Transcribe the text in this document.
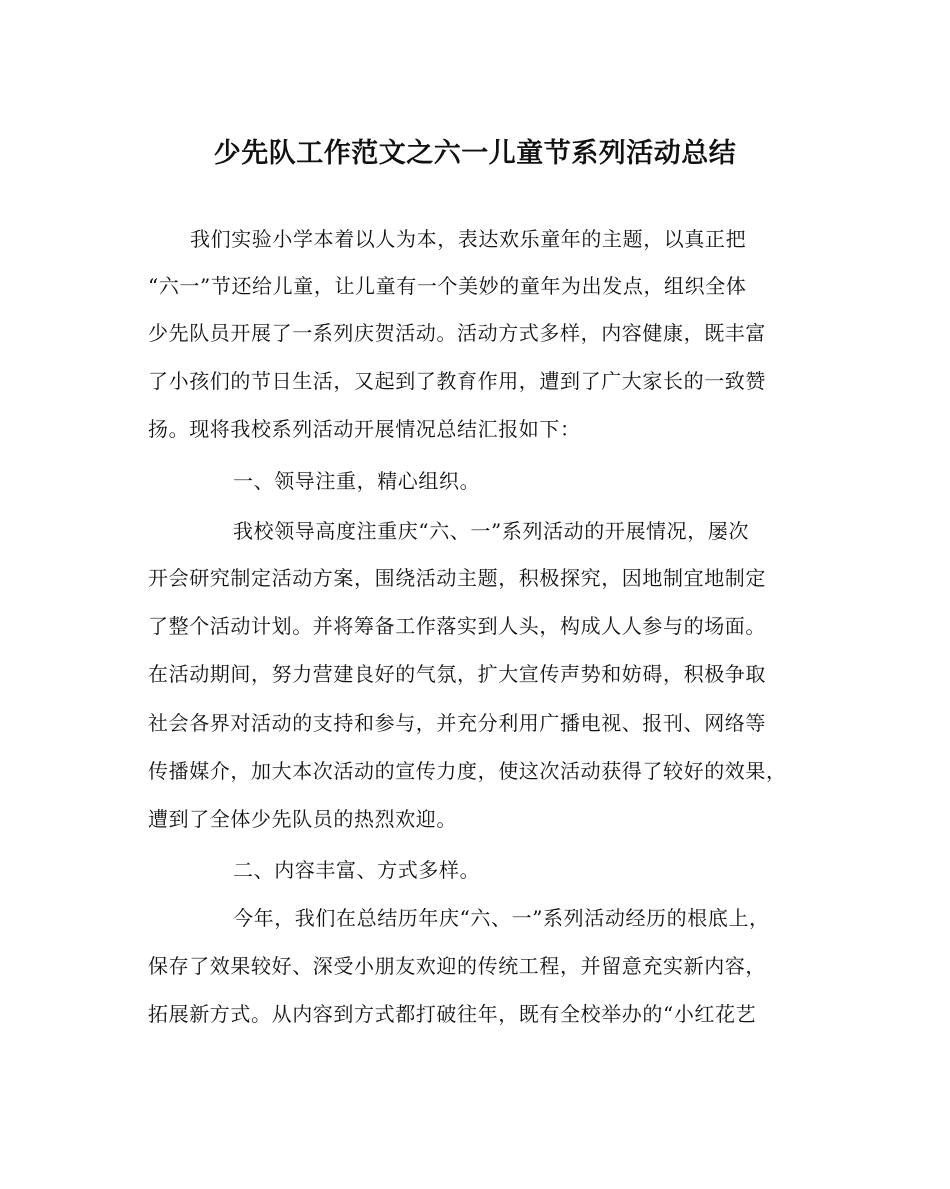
少先队工作范文之六一儿童节系列活动总结
我们实验小学本着以人为本，表达欢乐童年的主题，以真正把
“六一”节还给儿童，让儿童有一个美妙的童年为出发点，组织全体
少先队员开展了一系列庆贺活动。活动方式多样，内容健康，既丰富
了小孩们的节日生活，又起到了教育作用，遭到了广大家长的一致赞
扬。现将我校系列活动开展情况总结汇报如下：
一、领导注重，精心组织。
我校领导高度注重庆“六、一”系列活动的开展情况，屡次
开会研究制定活动方案，围绕活动主题，积极探究，因地制宜地制定
了整个活动计划。并将筹备工作落实到人头，构成人人参与的场面。
在活动期间，努力营建良好的气氛，扩大宣传声势和妨碍，积极争取
社会各界对活动的支持和参与，并充分利用广播电视、报刊、网络等
传播媒介，加大本次活动的宣传力度，使这次活动获得了较好的效果，
遭到了全体少先队员的热烈欢迎。
二、内容丰富、方式多样。
今年，我们在总结历年庆“六、一”系列活动经历的根底上，
保存了效果较好、深受小朋友欢迎的传统工程，并留意充实新内容，
拓展新方式。从内容到方式都打破往年，既有全校举办的“小红花艺
